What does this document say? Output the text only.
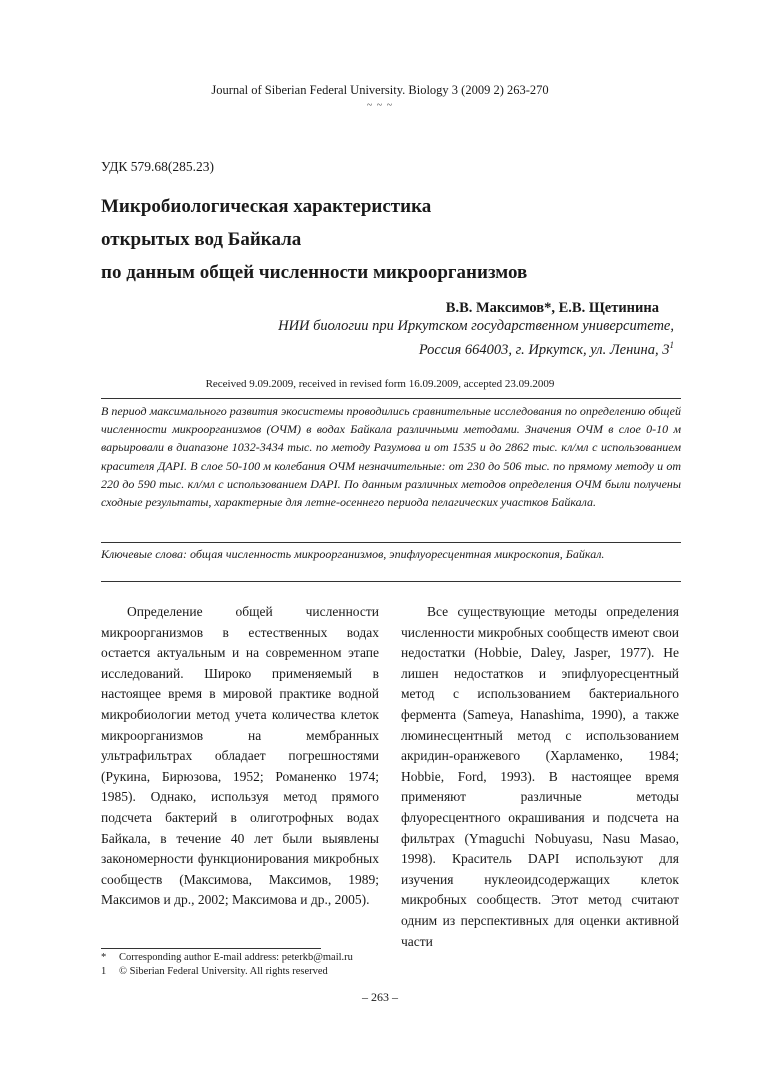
Journal of Siberian Federal University. Biology 3 (2009 2) 263-270
~ ~ ~
УДК 579.68(285.23)
Микробиологическая характеристика
открытых вод Байкала
по данным общей численности микроорганизмов
В.В. Максимов*, Е.В. Щетинина
НИИ биологии при Иркутском государственном университете,
Россия 664003, г. Иркутск, ул. Ленина, $3^1$
Received 9.09.2009, received in revised form 16.09.2009, accepted 23.09.2009
В период максимального развития экосистемы проводились сравнительные исследования по определению общей численности микроорганизмов (ОЧМ) в водах Байкала различными методами. Значения ОЧМ в слое 0-10 м варьировали в диапазоне 1032-3434 тыс. по методу Разумова и от 1535 и до 2862 тыс. кл/мл с использованием красителя ДАРI. В слое 50-100 м колебания ОЧМ незначительные: от 230 до 506 тыс. по прямому методу и от 220 до 590 тыс. кл/мл с использованием DAPI. По данным различных методов определения ОЧМ были получены сходные результаты, характерные для летне-осеннего периода пелагических участков Байкала.
Ключевые слова: общая численность микроорганизмов, эпифлуоресцентная микроскопия, Байкал.

Определение общей численности микроорганизмов в естественных водах остается актуальным и на современном этапе исследований. Широко применяемый в настоящее время в мировой практике водной микробиологии метод учета количества клеток микроорганизмов на мембранных ультрафильтрах обладает погрешностями (Рукина, Бирюзова, 1952; Романенко 1974; 1985). Однако, используя метод прямого подсчета бактерий в олиготрофных водах Байкала, в течение 40 лет были выявлены закономерности функционирования микробных сообществ (Максимова, Максимов, 1989; Максимов и др., 2002; Максимова и др., 2005).

Все существующие методы определения численности микробных сообществ имеют свои недостатки (Hobbie, Daley, Jasper, 1977). Не лишен недостатков и эпифлуоресцентный метод с использованием бактериального фермента (Sameya, Hanashima, 1990), а также люминесцентный метод с использованием акридин-оранжевого (Харламенко, 1984; Hobbie, Ford, 1993). В настоящее время применяют различные методы флуоресцентного окрашивания и подсчета на фильтрах (Ymaguchi Nobuyasu, Nasu Masao, 1998). Краситель DAPI используют для изучения нуклеоидсодержащих клеток микробных сообществ. Этот метод считают одним из перспективных для оценки активной части

* Corresponding author E-mail address: peterkb@mail.ru
1 © Siberian Federal University. All rights reserved
– 263 –
